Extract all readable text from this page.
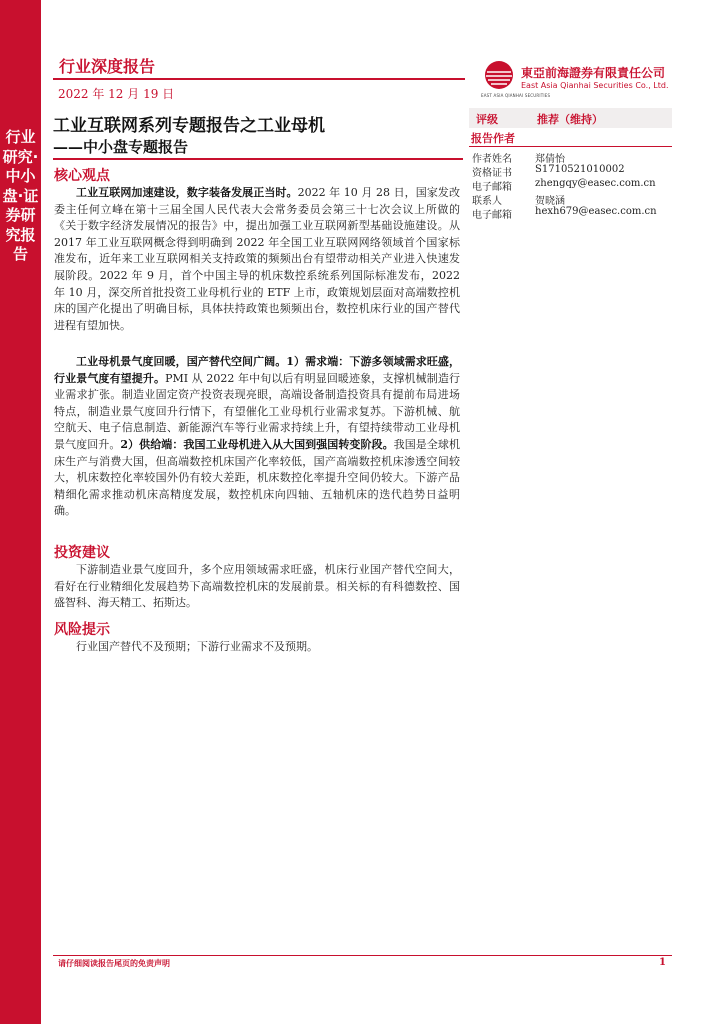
行业研究·中小盘·证券研究报告
行业深度报告
EAST ASIA QIANHAI SECURITIES
東亞前海證券有限責任公司
East Asia Qianhai Securities Co., Ltd.
2022 年 12 月 19 日
工业互联网系列专题报告之工业母机
——中小盘专题报告
核心观点

工业互联网加速建设，数字装备发展正当时。2022 年 10 月 28 日，国家发改委主任何立峰在第十三届全国人民代表大会常务委员会第三十七次会议上所做的《关于数字经济发展情况的报告》中，提出加强工业互联网新型基础设施建设。从 2017 年工业互联网概念得到明确到 2022 年全国工业互联网网络领域首个国家标准发布，近年来工业互联网相关支持政策的频频出台有望带动相关产业进入快速发展阶段。2022 年 9 月，首个中国主导的机床数控系统系列国际标准发布，2022 年 10 月，深交所首批投资工业母机行业的 ETF 上市，政策规划层面对高端数控机床的国产化提出了明确目标，具体扶持政策也频频出台，数控机床行业的国产替代进程有望加快。

工业母机景气度回暖，国产替代空间广阔。1）需求端：下游多领域需求旺盛，行业景气度有望提升。PMI 从 2022 年中旬以后有明显回暖迹象，支撑机械制造行业需求扩张。制造业固定资产投资表现亮眼，高端设备制造投资具有提前布局进场特点，制造业景气度回升行情下，有望催化工业母机行业需求复苏。下游机械、航空航天、电子信息制造、新能源汽车等行业需求持续上升，有望持续带动工业母机景气度回升。2）供给端：我国工业母机进入从大国到强国转变阶段。我国是全球机床生产与消费大国，但高端数控机床国产化率较低，国产高端数控机床渗透空间较大，机床数控化率较国外仍有较大差距，机床数控化率提升空间仍较大。下游产品精细化需求推动机床高精度发展，数控机床向四轴、五轴机床的迭代趋势日益明确。

投资建议

下游制造业景气度回升，多个应用领域需求旺盛，机床行业国产替代空间大，看好在行业精细化发展趋势下高端数控机床的发展前景。相关标的有科德数控、国盛智科、海天精工、拓斯达。

风险提示

行业国产替代不及预期；下游行业需求不及预期。

评级	推荐（维持）
报告作者
作者姓名	郑倩怡
资格证书	S1710521010002
电子邮箱	zhengqy@easec.com.cn
联系人	贺晓涵
电子邮箱	hexh679@easec.com.cn
请仔细阅读报告尾页的免责声明	1
